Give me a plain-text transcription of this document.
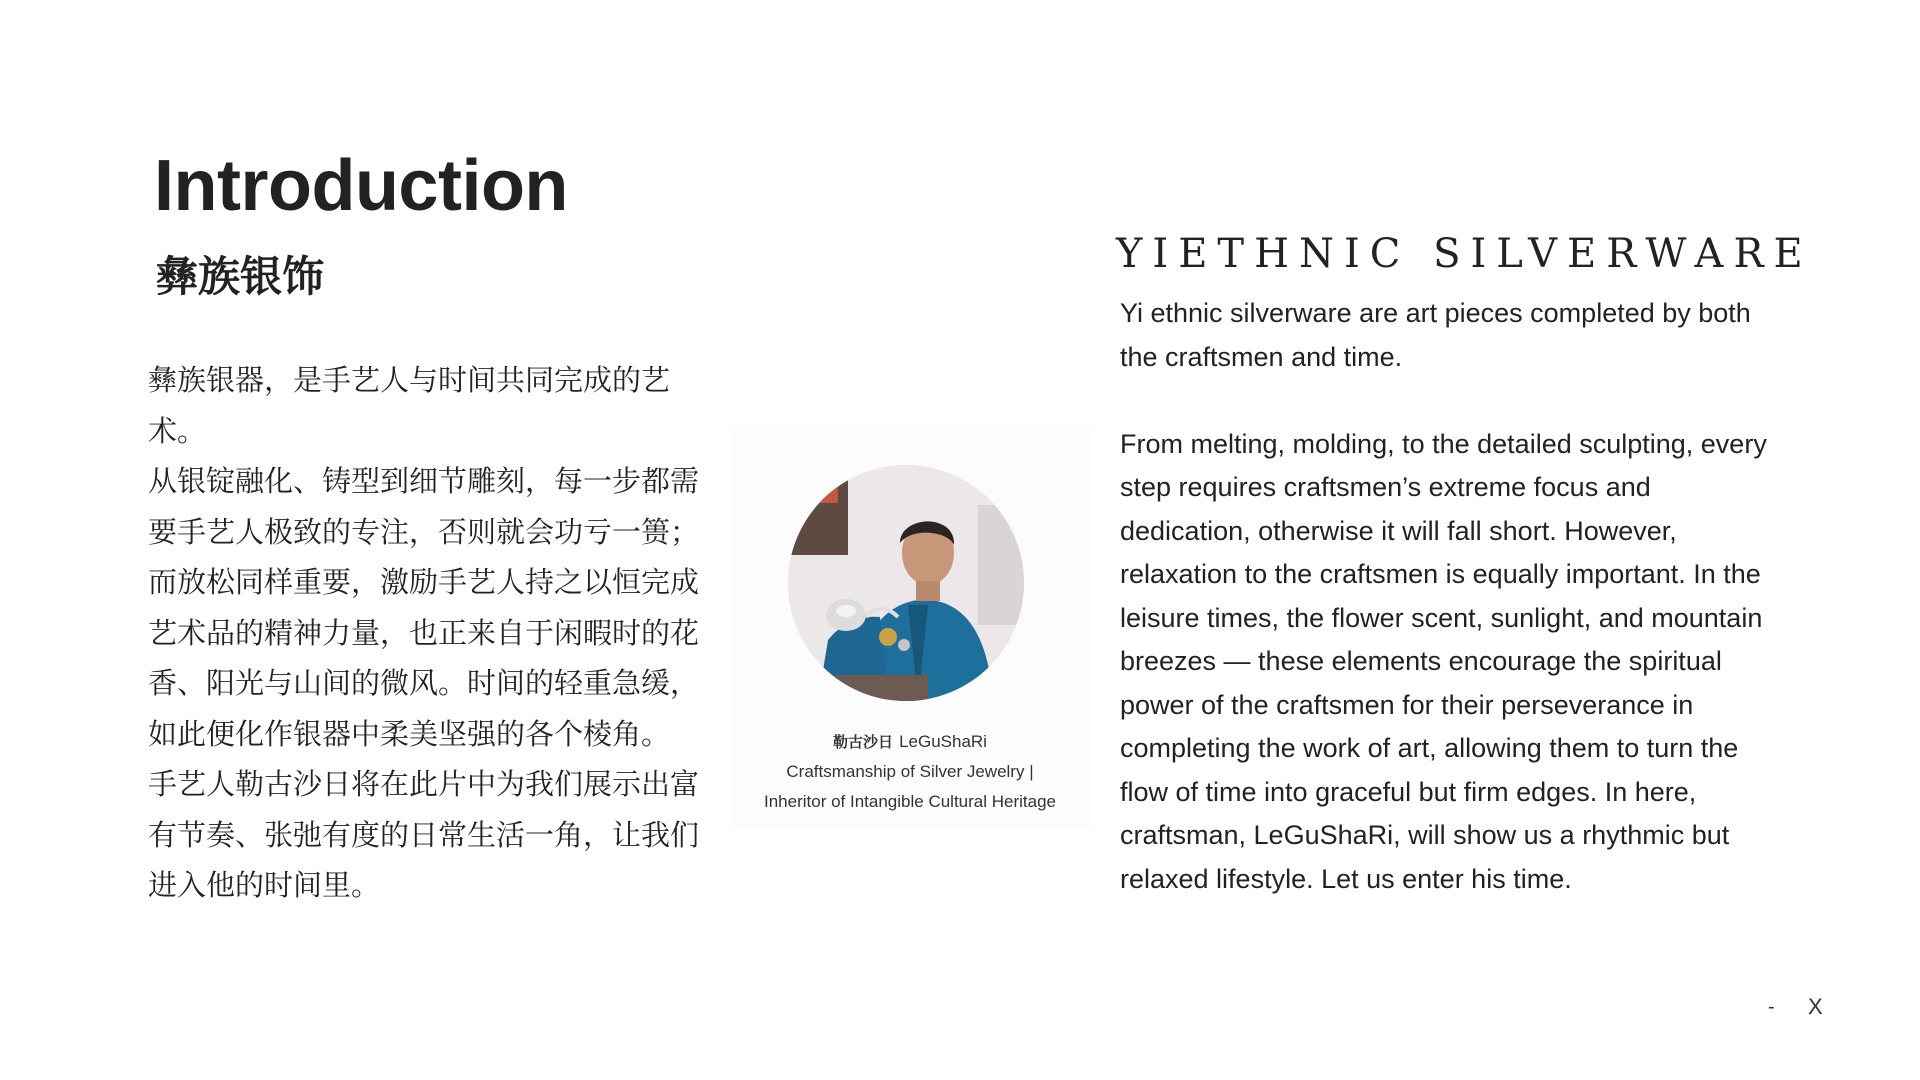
Introduction
彝族银饰

彝族银器，是手艺人与时间共同完成的艺术。

从银锭融化、铸型到细节雕刻，每一步都需要手艺人极致的专注，否则就会功亏一篑；而放松同样重要，激励手艺人持之以恒完成艺术品的精神力量，也正来自于闲暇时的花香、阳光与山间的微风。时间的轻重急缓，如此便化作银器中柔美坚强的各个棱角。

手艺人勒古沙日将在此片中为我们展示出富有节奏、张弛有度的日常生活一角，让我们进入他的时间里。

勒古沙日 LeGuShaRi
Craftsmanship of Silver Jewelry |
Inheritor of Intangible Cultural Heritage
YIETHNIC SILVERWARE

Yi ethnic silverware are art pieces completed by both the craftsmen and time.

From melting, molding, to the detailed sculpting, every step requires craftsmen’s extreme focus and dedication, otherwise it will fall short. However, relaxation to the craftsmen is equally important. In the leisure times, the flower scent, sunlight, and mountain breezes — these elements encourage the spiritual power of the craftsmen for their perseverance in completing the work of art, allowing them to turn the flow of time into graceful but firm edges. In here, craftsman, LeGuShaRi, will show us a rhythmic but relaxed lifestyle. Let us enter his time.

- X
